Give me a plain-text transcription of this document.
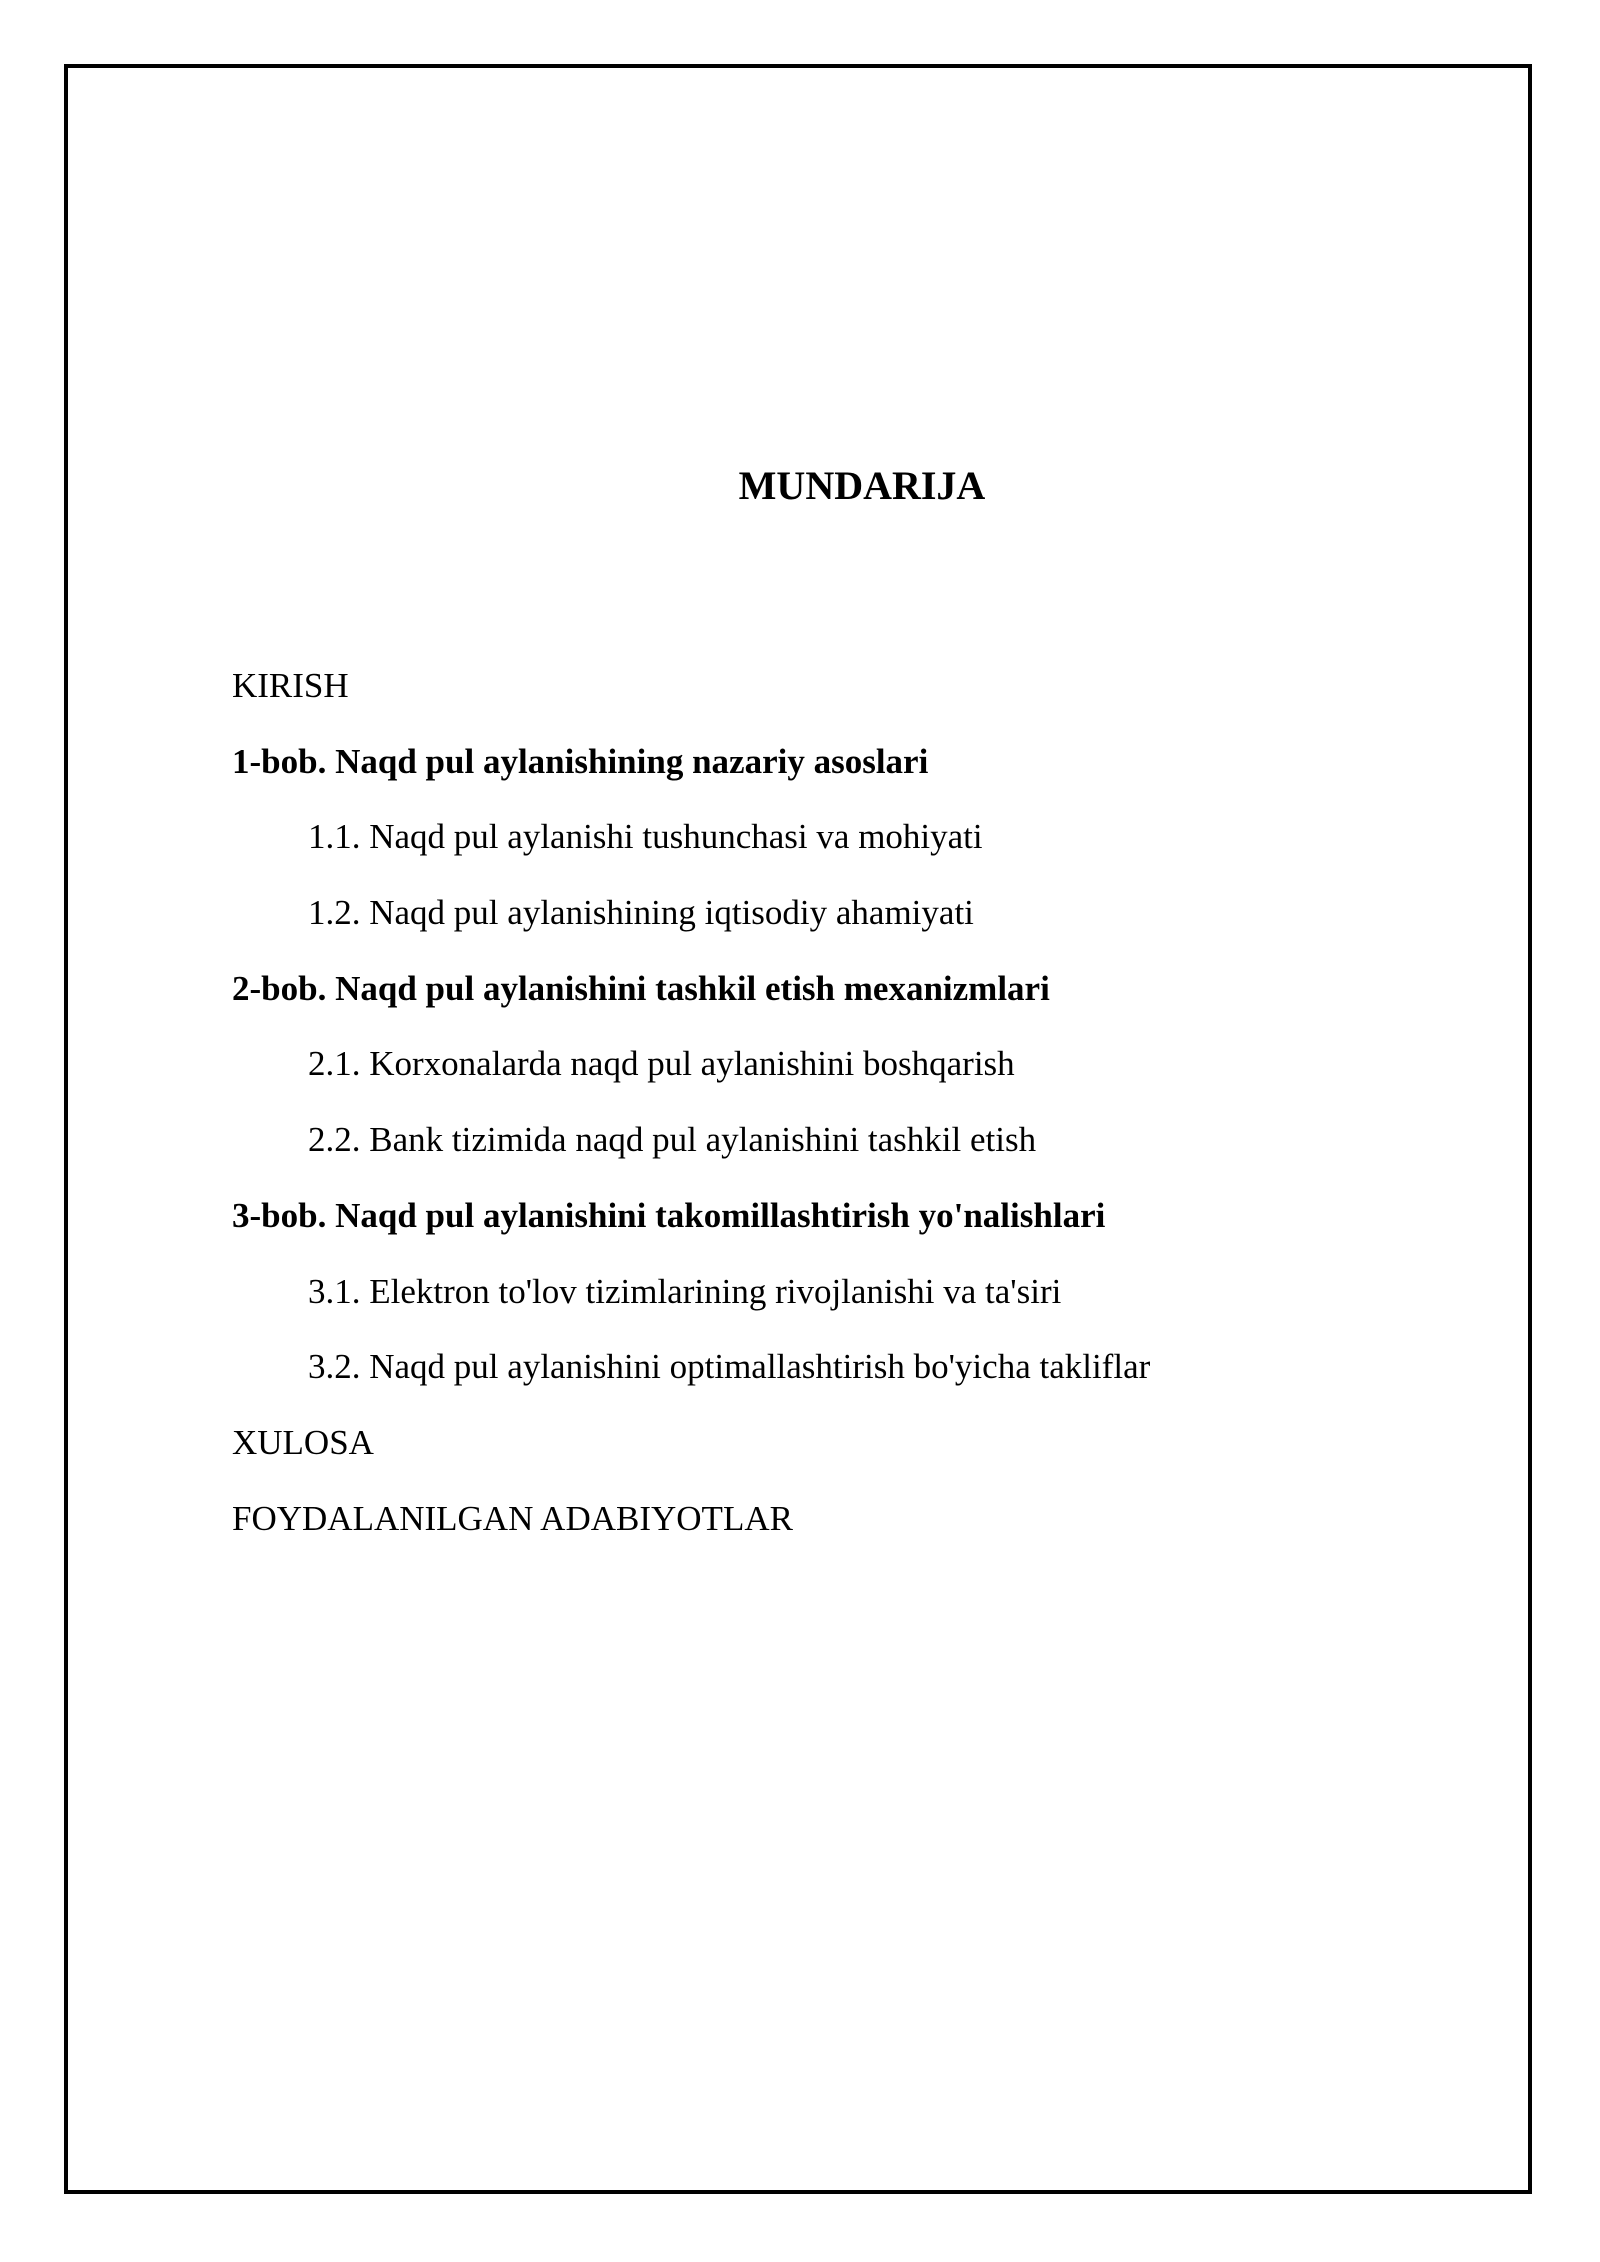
MUNDARIJA
KIRISH
1-bob. Naqd pul aylanishining nazariy asoslari
1.1. Naqd pul aylanishi tushunchasi va mohiyati
1.2. Naqd pul aylanishining iqtisodiy ahamiyati
2-bob. Naqd pul aylanishini tashkil etish mexanizmlari
2.1. Korxonalarda naqd pul aylanishini boshqarish
2.2. Bank tizimida naqd pul aylanishini tashkil etish
3-bob. Naqd pul aylanishini takomillashtirish yo'nalishlari
3.1. Elektron to'lov tizimlarining rivojlanishi va ta'siri
3.2. Naqd pul aylanishini optimallashtirish bo'yicha takliflar
XULOSA
FOYDALANILGAN ADABIYOTLAR
